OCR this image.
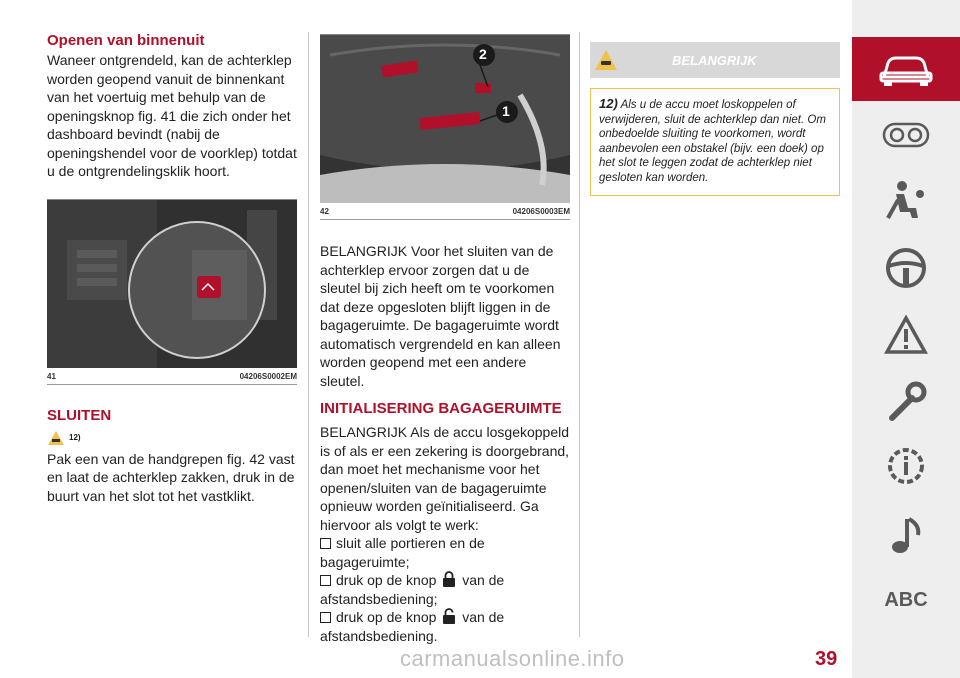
Openen van binnenuit

Waneer ontgrendeld, kan de achterklep worden geopend vanuit de binnenkant van het voertuig met behulp van de openingsknop fig. 41 die zich onder het dashboard bevindt (nabij de openingshendel voor de voorklep) totdat u de ontgrendelingsklik hoort.

41	04206S0002EM
SLUITEN
12)

Pak een van de handgrepen fig. 42 vast en laat de achterklep zakken, druk in de buurt van het slot tot het vastklikt.

1
2
42	04206S0003EM

BELANGRIJK Voor het sluiten van de achterklep ervoor zorgen dat u de sleutel bij zich heeft om te voorkomen dat deze opgesloten blijft liggen in de bagageruimte. De bagageruimte wordt automatisch vergrendeld en kan alleen worden geopend met een andere sleutel.

INITIALISERING BAGAGERUIMTE

BELANGRIJK Als de accu losgekoppeld is of als er een zekering is doorgebrand, dan moet het mechanisme voor het openen/sluiten van de bagageruimte opnieuw worden geïnitialiseerd. Ga hiervoor als volgt te werk:

sluit alle portieren en de bagageruimte;

druk op de knop van de afstandsbediening;

druk op de knop van de afstandsbediening.

BELANGRIJK
12) Als u de accu moet loskoppelen of verwijderen, sluit de achterklep dan niet. Om onbedoelde sluiting te voorkomen, wordt aanbevolen een obstakel (bijv. een doek) op het slot te leggen zodat de achterklep niet gesloten kan worden.
ABC
carmanualsonline.info	39
